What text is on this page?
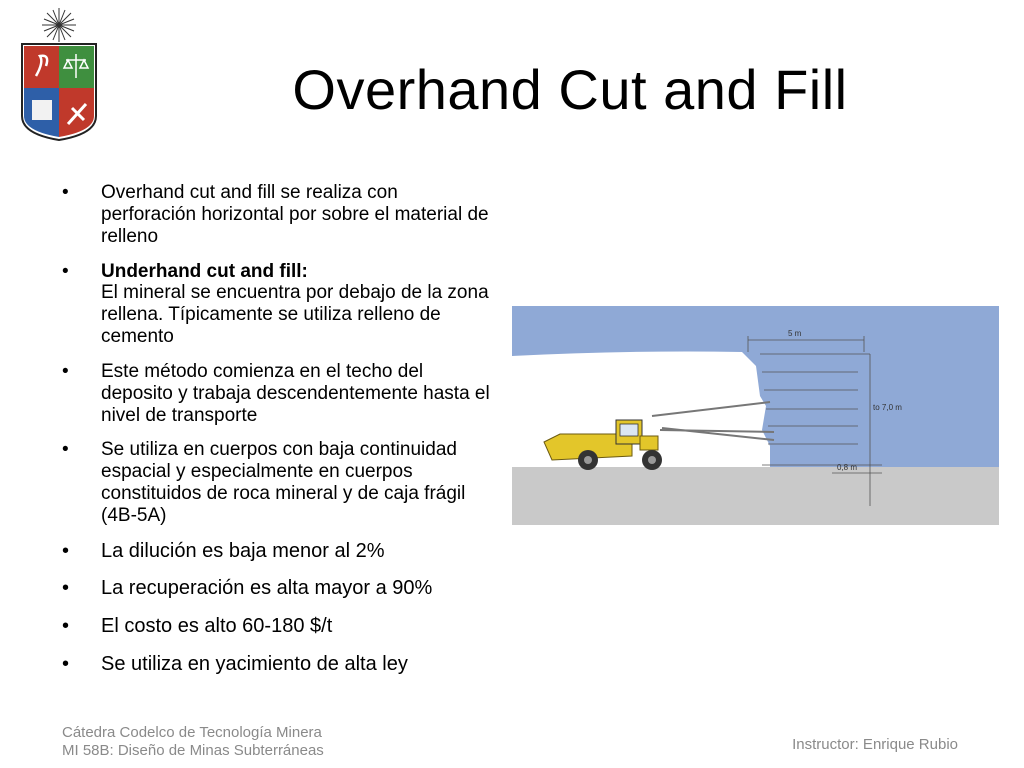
Overhand Cut and Fill
• Overhand cut and fill se realiza con perforación horizontal por sobre el material de relleno
• Underhand cut and fill:
El mineral se encuentra por debajo de la zona rellena. Típicamente se utiliza relleno de cemento
• Este método comienza en el techo del deposito y trabaja descendentemente hasta el nivel de transporte
• Se utiliza en cuerpos con baja continuidad espacial y especialmente en cuerpos constituidos de roca mineral y de caja frágil (4B-5A)
• La dilución es baja menor al 2%
• La recuperación es alta mayor a 90%
• El costo es alto 60-180 $/t
• Se utiliza en yacimiento de alta ley
5 m
to 7,0 m
0,8 m
Cátedra Codelco de Tecnología Minera
MI 58B: Diseño de Minas Subterráneas	Instructor: Enrique Rubio
